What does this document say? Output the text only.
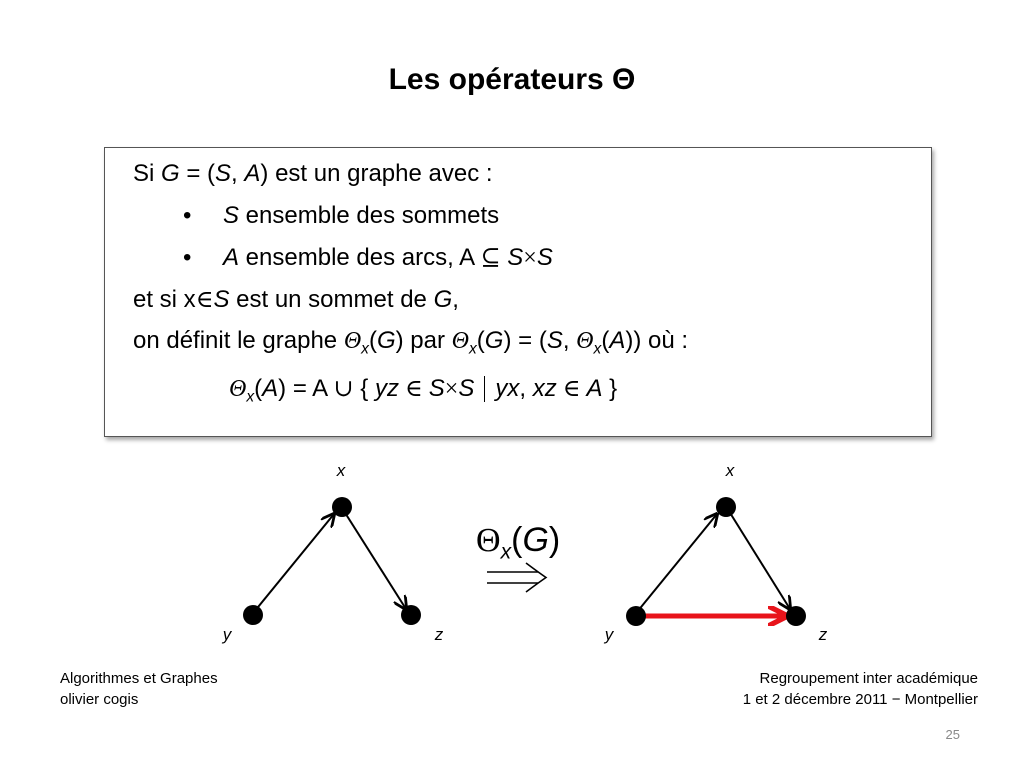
Les opérateurs Θ
Si G = (S, A) est un graphe avec :
• S ensemble des sommets
• A ensemble des arcs, A ⊆ S×S
et si x∈S est un sommet de G,
on définit le graphe $\Theta_x(G)$ par $\Theta_x(G) = (S$, $\Theta_x(A)$) où :
$\Theta_x(A) = A$ ∪ { yz ∈ S×S yx, xz ∈ A }
x
y	z
x
y	z
$\Theta_x(G)$
Algorithmes et Graphes
olivier cogis
Regroupement inter académique
1 et 2 décembre 2011 − Montpellier
25
